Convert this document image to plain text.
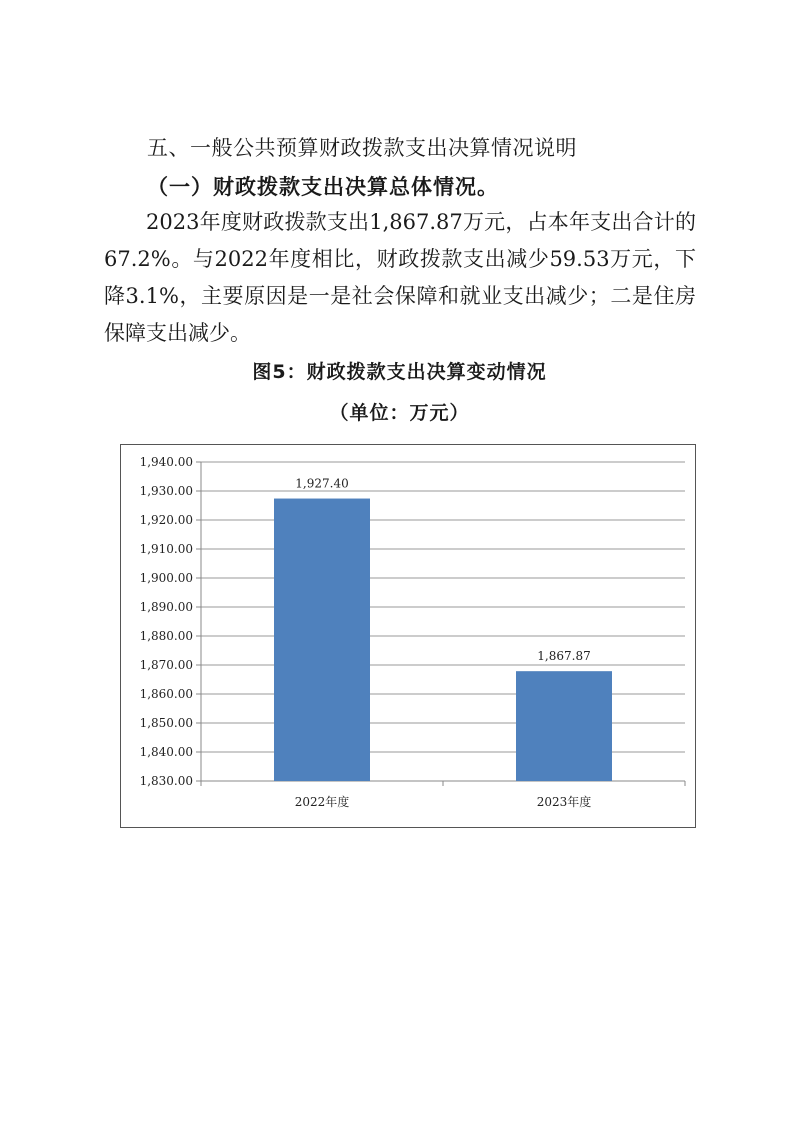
五、一般公共预算财政拨款支出决算情况说明
（一）财政拨款支出决算总体情况。

2023年度财政拨款支出1,867.87万元，占本年支出合计的67.2%。与2022年度相比，财政拨款支出减少59.53万元，下降3.1%，主要原因是一是社会保障和就业支出减少；二是住房保障支出减少。

图5：财政拨款支出决算变动情况
（单位：万元）
1,830.00
1,840.00
1,850.00
1,860.00
1,870.00
1,880.00
1,890.00
1,900.00
1,910.00
1,920.00
1,930.00
1,940.00
1,927.40
2022年度
1,867.87
2023年度
